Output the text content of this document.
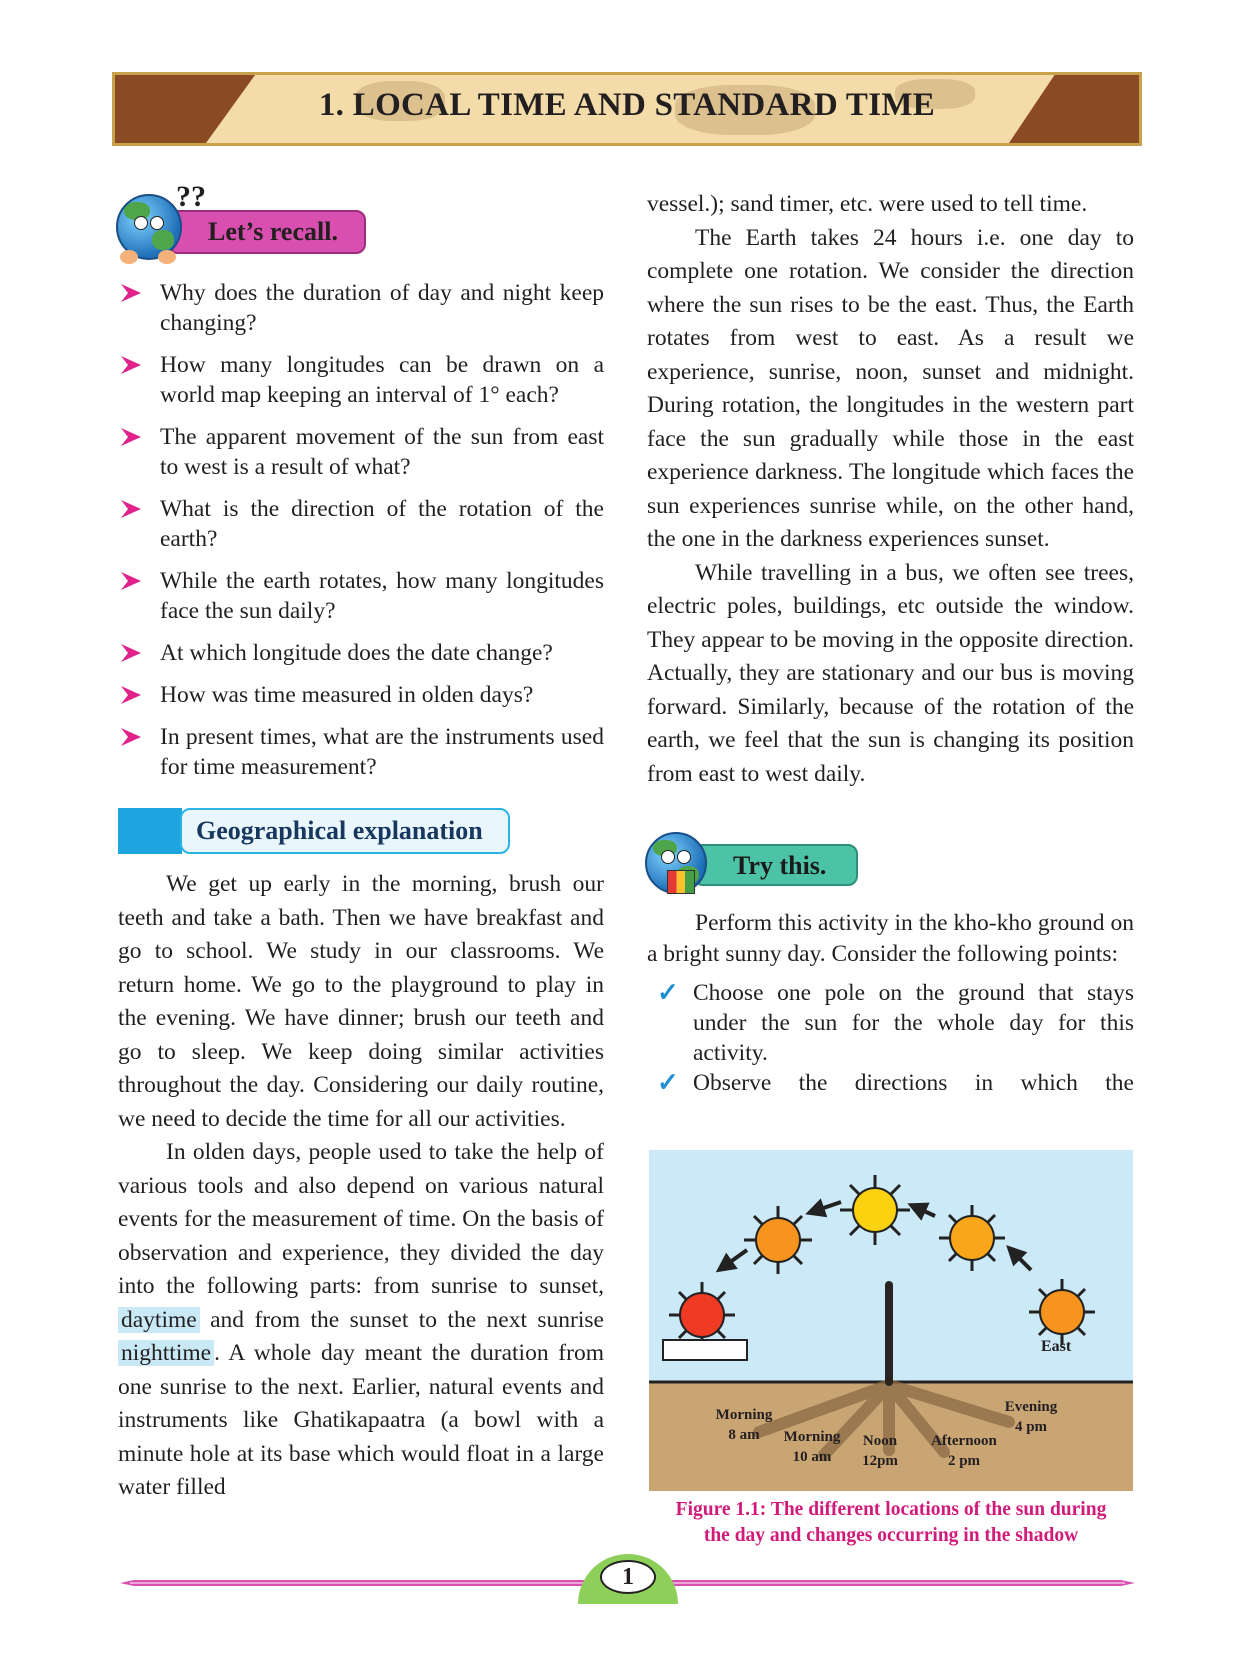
1. LOCAL TIME AND STANDARD TIME
Let’s recall.
??
Why does the duration of day and night keep changing?
How many longitudes can be drawn on a world map keeping an interval of 1° each?
The apparent movement of the sun from east to west is a result of what?
What is the direction of the rotation of the earth?
While the earth rotates, how many longitudes face the sun daily?
At which longitude does the date change?
How was time measured in olden days?
In present times, what are the instruments used for time measurement?
Geographical explanation

We get up early in the morning, brush our teeth and take a bath. Then we have breakfast and go to school. We study in our classrooms. We return home. We go to the playground to play in the evening. We have dinner; brush our teeth and go to sleep. We keep doing similar activities throughout the day. Considering our daily routine, we need to decide the time for all our activities.

In olden days, people used to take the help of various tools and also depend on various natural events for the measurement of time. On the basis of observation and experience, they divided the day into the following parts: from sunrise to sunset, daytime and from the sunset to the next sunrise nighttime . A whole day meant the duration from one sunrise to the next. Earlier, natural events and instruments like Ghatikapaatra (a bowl with a minute hole at its base which would float in a large water filled

vessel.); sand timer, etc. were used to tell time.

The Earth takes 24 hours i.e. one day to complete one rotation. We consider the direction where the sun rises to be the east. Thus, the Earth rotates from west to east. As a result we experience, sunrise, noon, sunset and midnight. During rotation, the longitudes in the western part face the sun gradually while those in the east experience darkness. The longitude which faces the sun experiences sunrise while, on the other hand, the one in the darkness experiences sunset.

While travelling in a bus, we often see trees, electric poles, buildings, etc outside the window. They appear to be moving in the opposite direction. Actually, they are stationary and our bus is moving forward. Similarly, because of the rotation of the earth, we feel that the sun is changing its position from east to west daily.

Try this.

Perform this activity in the kho-kho ground on a bright sunny day. Consider the following points:

✓ Choose one pole on the ground that stays under the sun for the whole day for this activity.
✓ Observe the directions in which the
East
Morning
8 am	Morning
10 am
Noon
12pm
Afternoon
2 pm
Evening
4 pm
Figure 1.1: The different locations of the sun during
the day and changes occurring in the shadow
1
